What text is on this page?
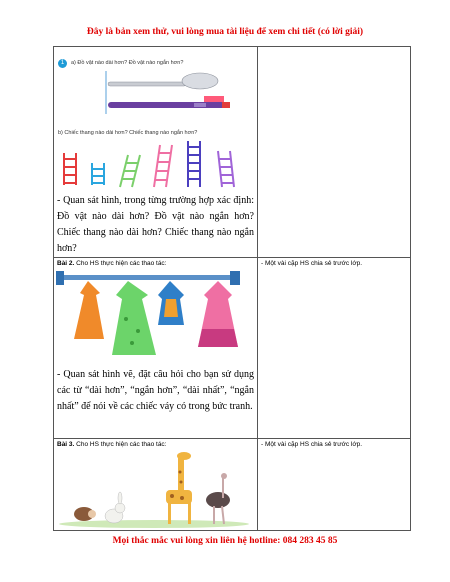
Đây là bản xem thử, vui lòng mua tài liệu để xem chi tiết (có lời giải)
1 a) Đồ vật nào dài hơn? Đồ vật nào ngắn hơn?
b) Chiếc thang nào dài hơn? Chiếc thang nào ngắn hơn?
- Quan sát hình, trong từng trường hợp xác định: Đồ vật nào dài hơn? Đồ vật nào ngắn hơn? Chiếc thang nào dài hơn? Chiếc thang nào ngắn hơn?	

Bài 2. Cho HS thực hiện các thao tác:
- Quan sát hình vẽ, đặt câu hỏi cho bạn sử dụng các từ “dài hơn”, “ngắn hơn”, “dài nhất”, “ngắn nhất” để nói về các chiếc váy có trong bức tranh.	- Một vài cặp HS chia sẻ trước lớp.

Bài 3. Cho HS thực hiện các thao tác:	- Một vài cặp HS chia sẻ trước lớp.
Mọi thắc mắc vui lòng xin liên hệ hotline: 084 283 45 85
